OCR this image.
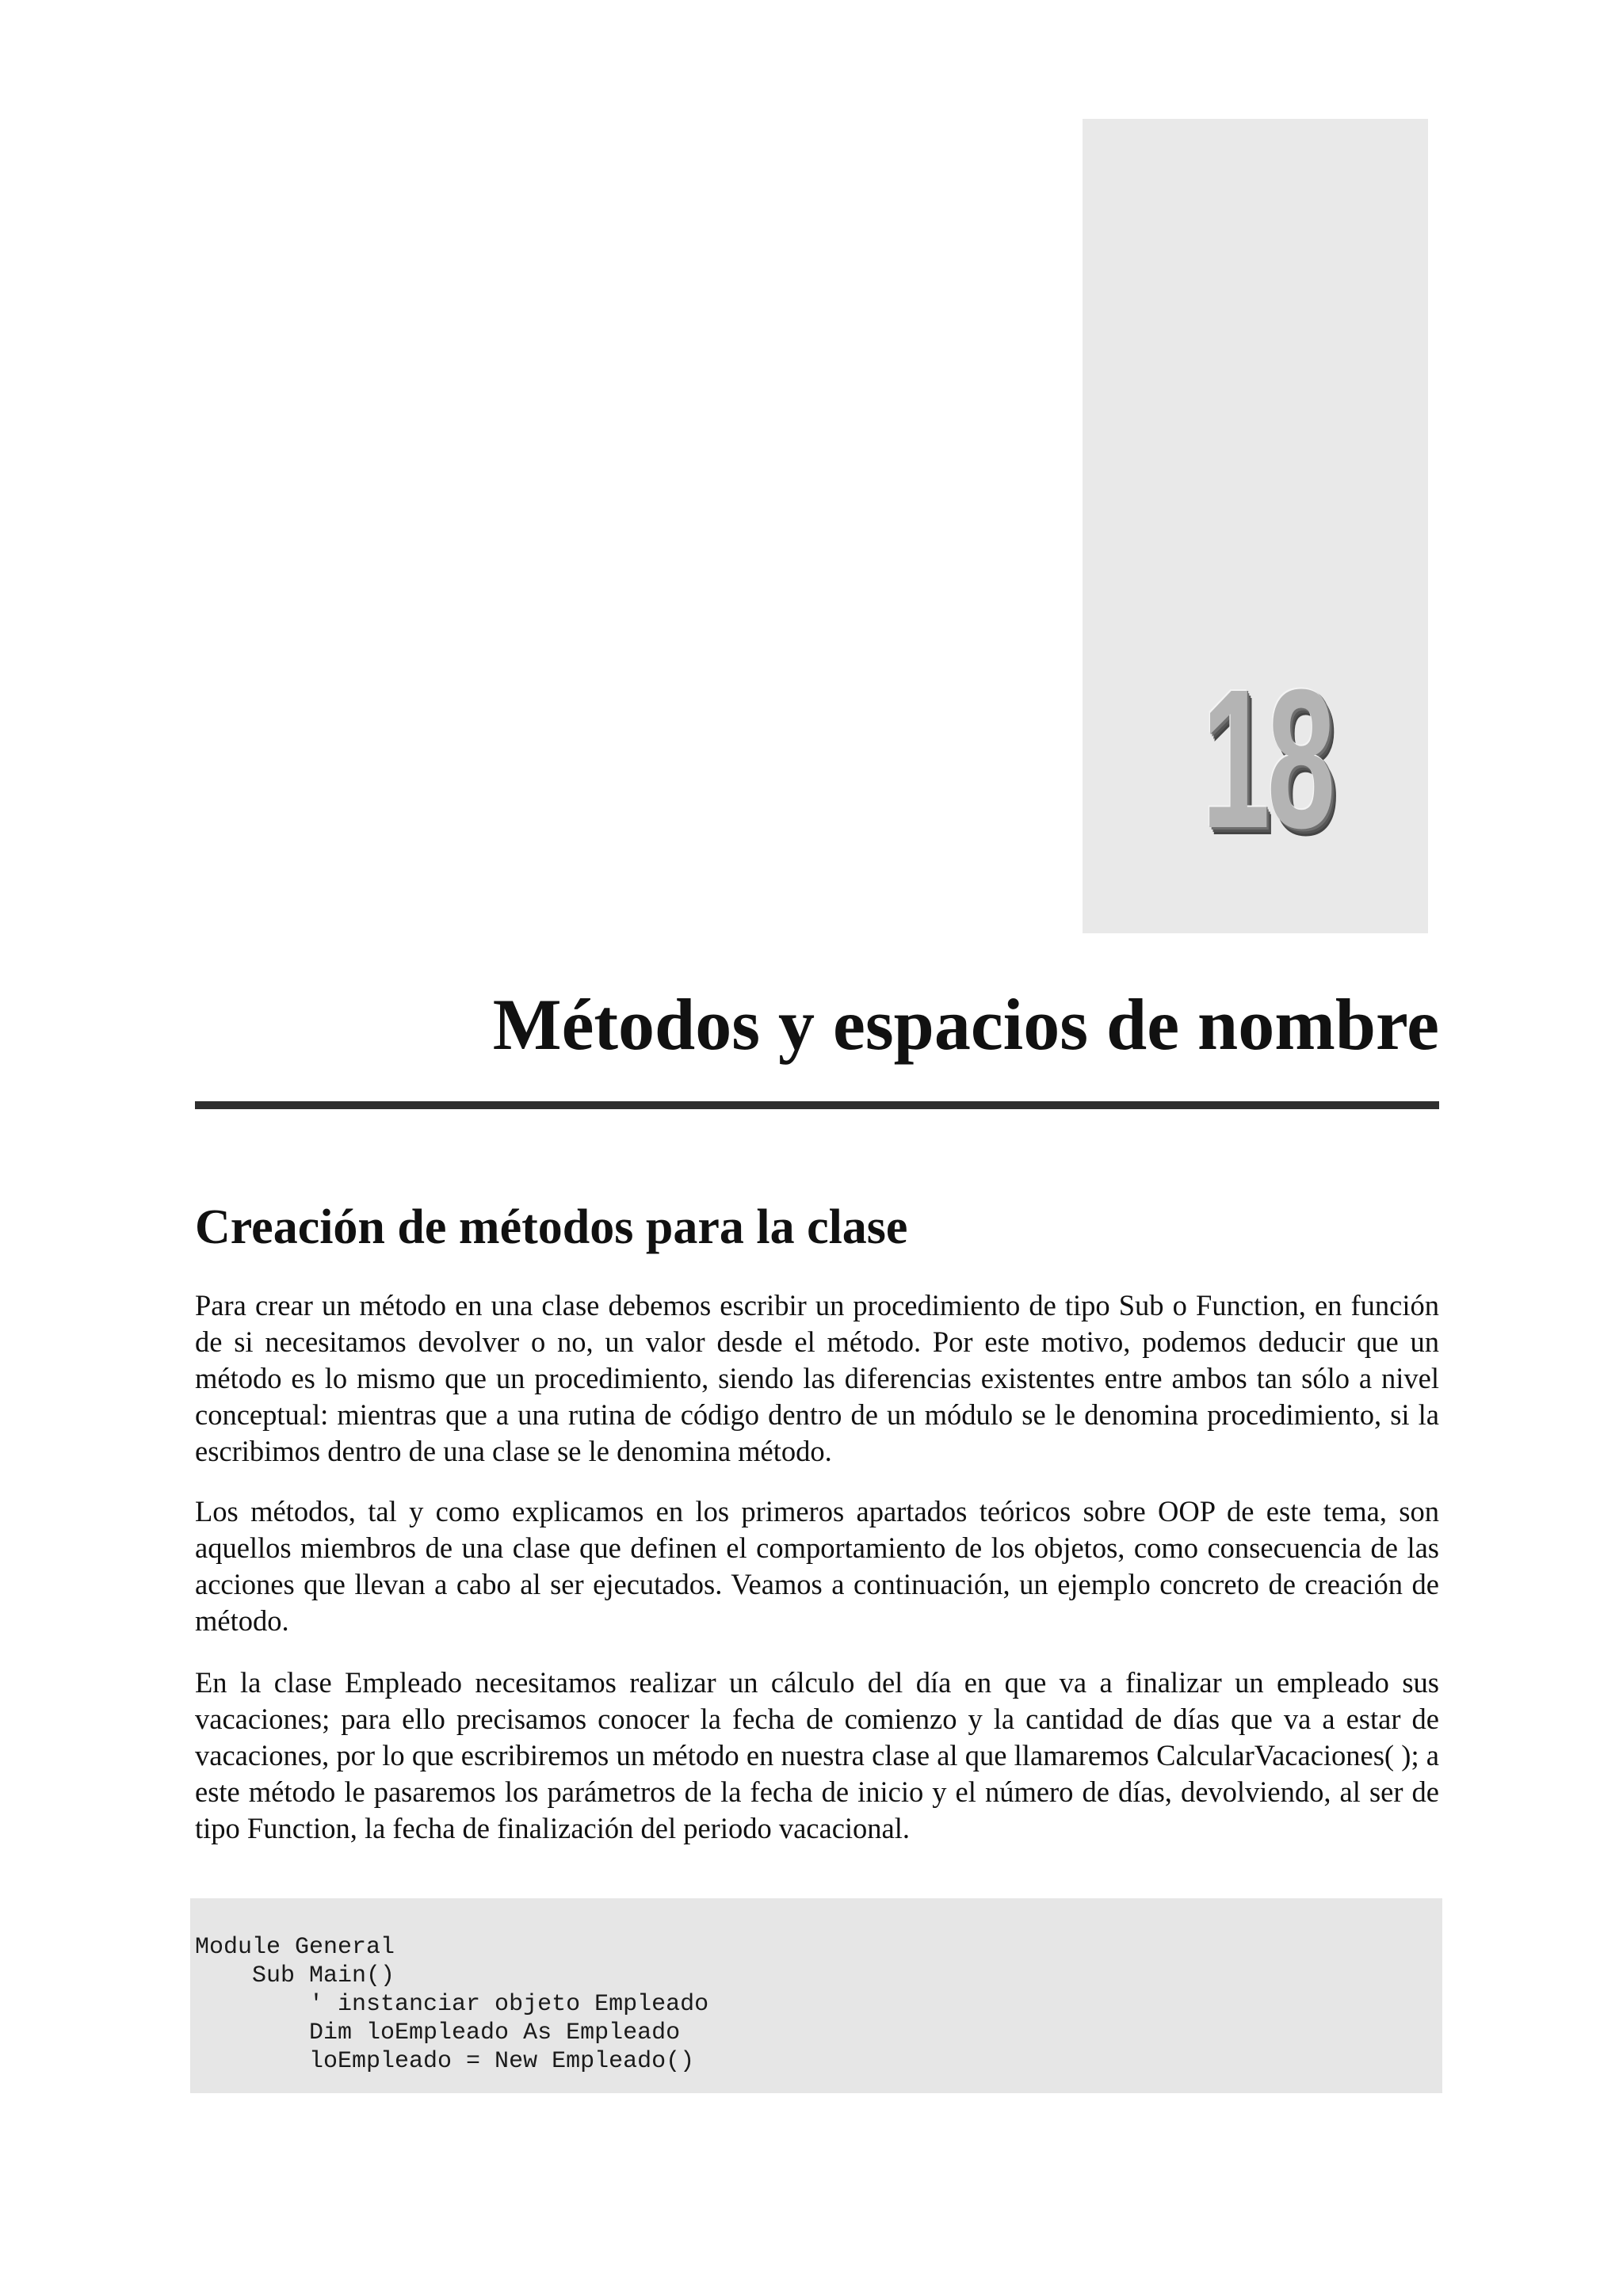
18
Métodos y espacios de nombre
Creación de métodos para la clase

Para crear un método en una clase debemos escribir un procedimiento de tipo Sub o Function, en función de si necesitamos devolver o no, un valor desde el método. Por este motivo, podemos deducir que un método es lo mismo que un procedimiento, siendo las diferencias existentes entre ambos tan sólo a nivel conceptual: mientras que a una rutina de código dentro de un módulo se le denomina procedimiento, si la escribimos dentro de una clase se le denomina método.

Los métodos, tal y como explicamos en los primeros apartados teóricos sobre OOP de este tema, son aquellos miembros de una clase que definen el comportamiento de los objetos, como consecuencia de las acciones que llevan a cabo al ser ejecutados. Veamos a continuación, un ejemplo concreto de creación de método.

En la clase Empleado necesitamos realizar un cálculo del día en que va a finalizar un empleado sus vacaciones; para ello precisamos conocer la fecha de comienzo y la cantidad de días que va a estar de vacaciones, por lo que escribiremos un método en nuestra clase al que llamaremos CalcularVacaciones( ); a este método le pasaremos los parámetros de la fecha de inicio y el número de días, devolviendo, al ser de tipo Function, la fecha de finalización del periodo vacacional.

Module General
Sub Main()
' instanciar objeto Empleado
Dim loEmpleado As Empleado
loEmpleado = New Empleado()
